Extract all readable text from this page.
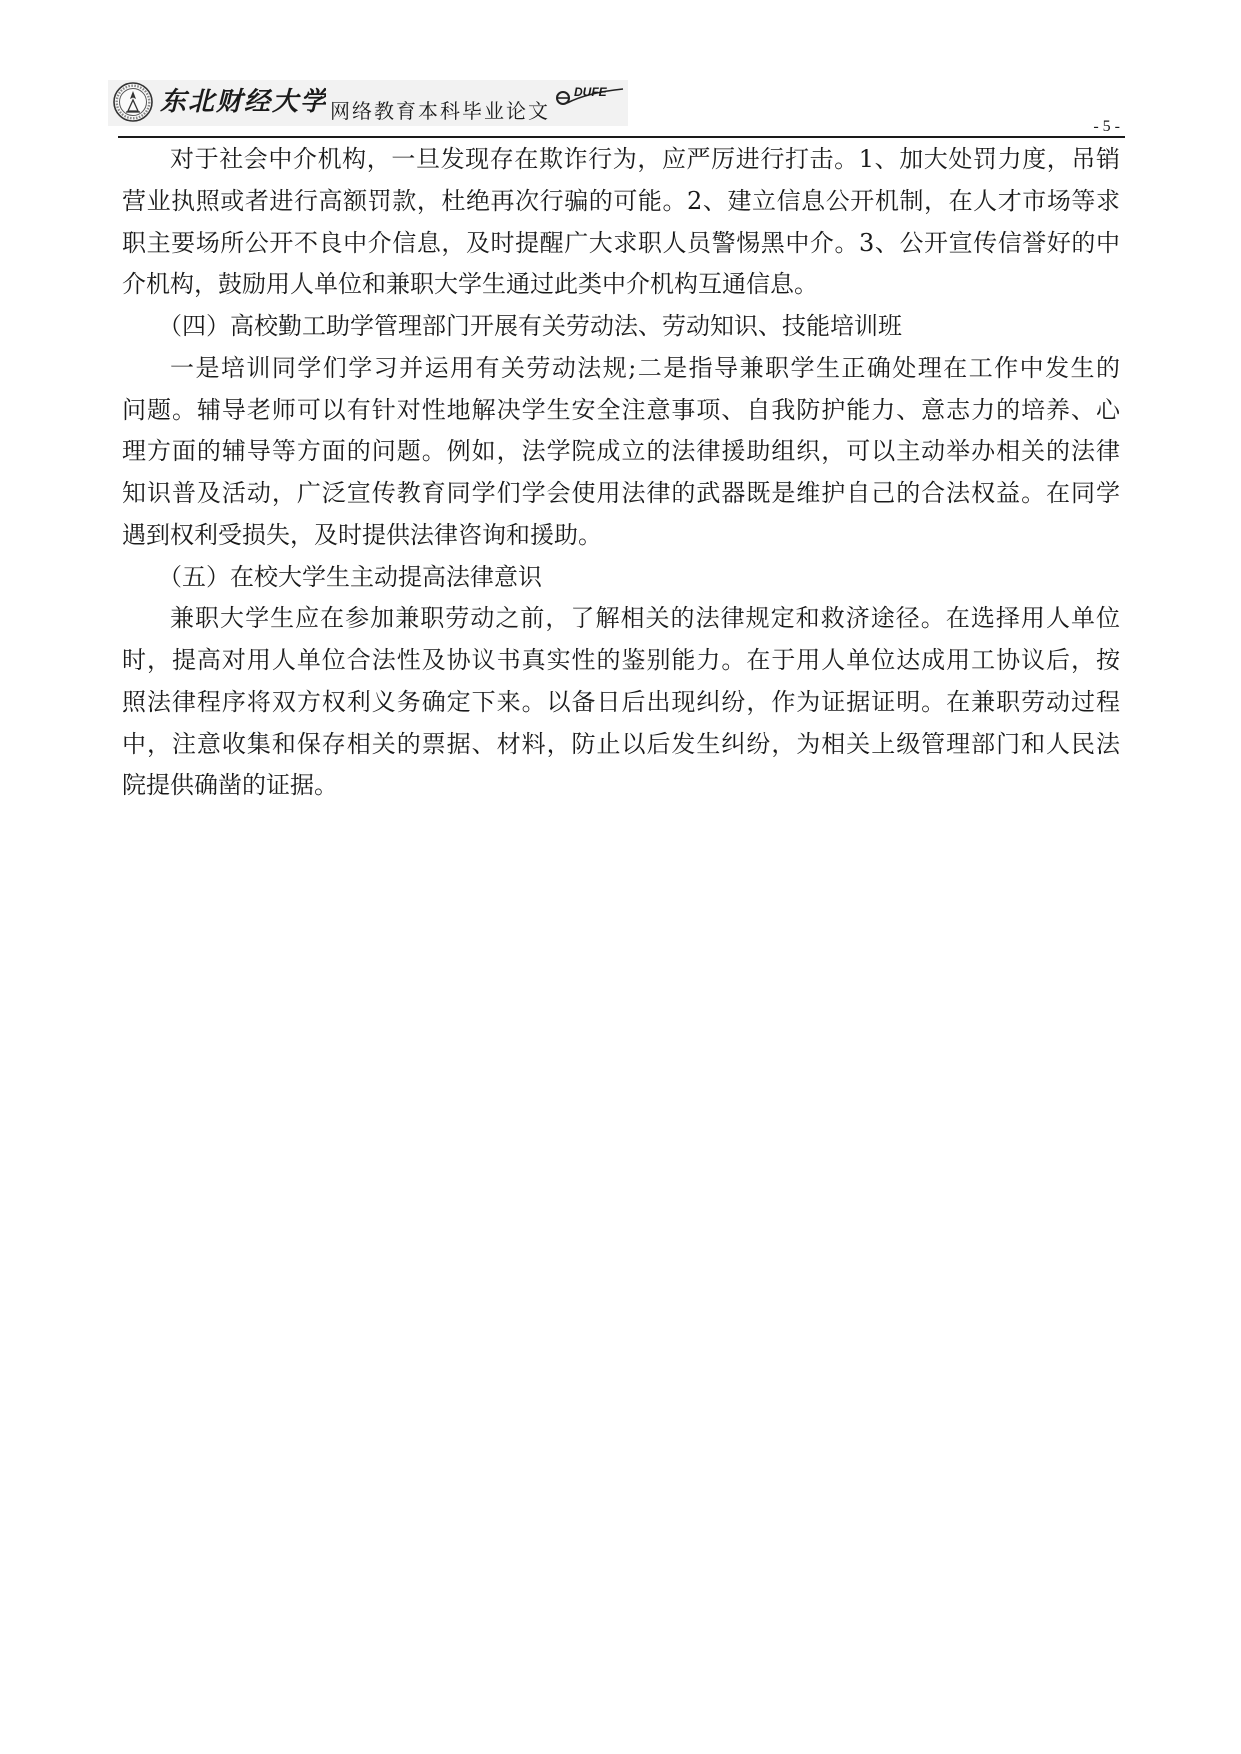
东北财经大学 网络教育本科毕业论文
DUFE
- 5 -
对于社会中介机构，一旦发现存在欺诈行为，应严厉进行打击。1、加大处罚力度，吊销
营业执照或者进行高额罚款，杜绝再次行骗的可能。2、建立信息公开机制，在人才市场等求
职主要场所公开不良中介信息，及时提醒广大求职人员警惕黑中介。3、公开宣传信誉好的中
介机构，鼓励用人单位和兼职大学生通过此类中介机构互通信息。
（四）高校勤工助学管理部门开展有关劳动法、劳动知识、技能培训班
一是培训同学们学习并运用有关劳动法规;二是指导兼职学生正确处理在工作中发生的
问题。辅导老师可以有针对性地解决学生安全注意事项、自我防护能力、意志力的培养、心
理方面的辅导等方面的问题。例如，法学院成立的法律援助组织，可以主动举办相关的法律
知识普及活动，广泛宣传教育同学们学会使用法律的武器既是维护自己的合法权益。在同学
遇到权利受损失，及时提供法律咨询和援助。
（五）在校大学生主动提高法律意识
兼职大学生应在参加兼职劳动之前，了解相关的法律规定和救济途径。在选择用人单位
时，提高对用人单位合法性及协议书真实性的鉴别能力。在于用人单位达成用工协议后，按
照法律程序将双方权利义务确定下来。以备日后出现纠纷，作为证据证明。在兼职劳动过程
中，注意收集和保存相关的票据、材料，防止以后发生纠纷，为相关上级管理部门和人民法
院提供确凿的证据。
